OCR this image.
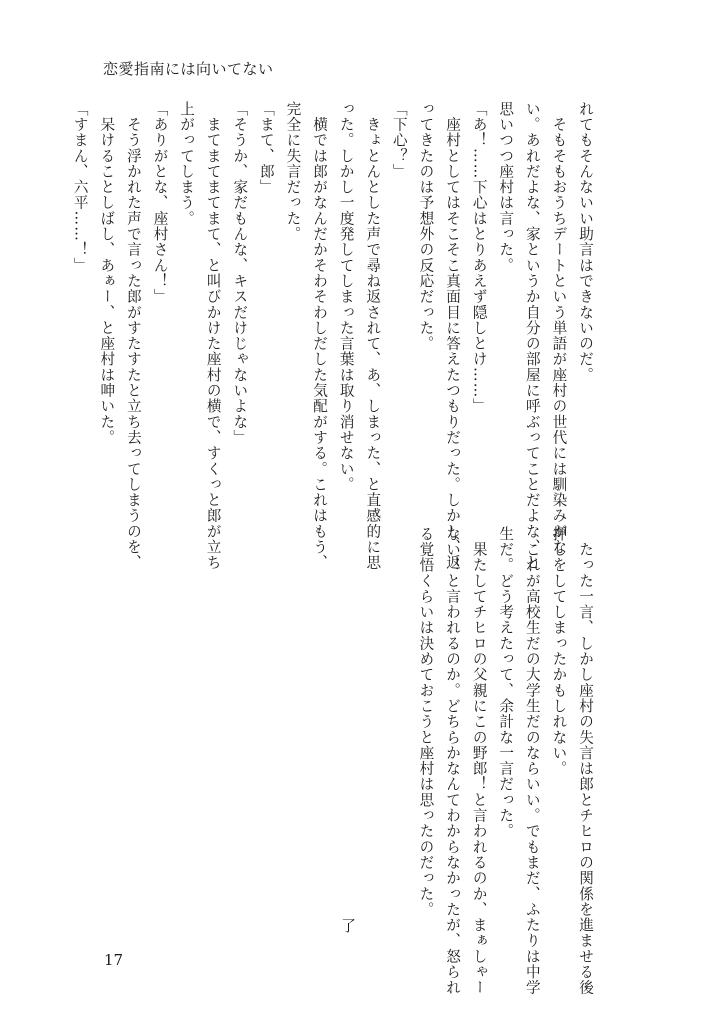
恋愛指南には向いてない
れてもそんないい助言はできないのだ。
　そもそもおうちデートという単語が座村の世代には馴染みがな
い。あれだよな、家というか自分の部屋に呼ぶってことだよな、と
思いつつ座村は言った。
「あ！……下心はとりあえず隠しとけ……」
　座村としてはそこそこ真面目に答えたつもりだった。しかし、返
ってきたのは予想外の反応だった。
「下心？」
　きょとんとした声で尋ね返されて、あ、しまった、と直感的に思
った。しかし一度発してしまった言葉は取り消せない。
　横では郎がなんだかそわそわしだした気配がする。これはもう、
完全に失言だった。
「まて、郎」
「そうか、家だもんな、キスだけじゃないよな」
　まてまてまてまて、と叫びかけた座村の横で、すくっと郎が立ち
上がってしまう。
「ありがとな、座村さん！」
　そう浮かれた声で言った郎がすたすたと立ち去ってしまうのを、
　呆けることしばし、あぁー、と座村は呻いた。
「すまん、六平……！」
　たった一言、しかし座村の失言は郎とチヒロの関係を進ませる後
押しをしてしまったかもしれない。
　これが高校生だの大学生だのならいい。でもまだ、ふたりは中学
生だ。どう考えたって、余計な一言だった。
　果たしてチヒロの父親にこの野郎！と言われるのか、まぁしゃー
ない！と言われるのか。どちらかなんてわからなかったが、怒られ
る覚悟くらいは決めておこうと座村は思ったのだった。
了
17
